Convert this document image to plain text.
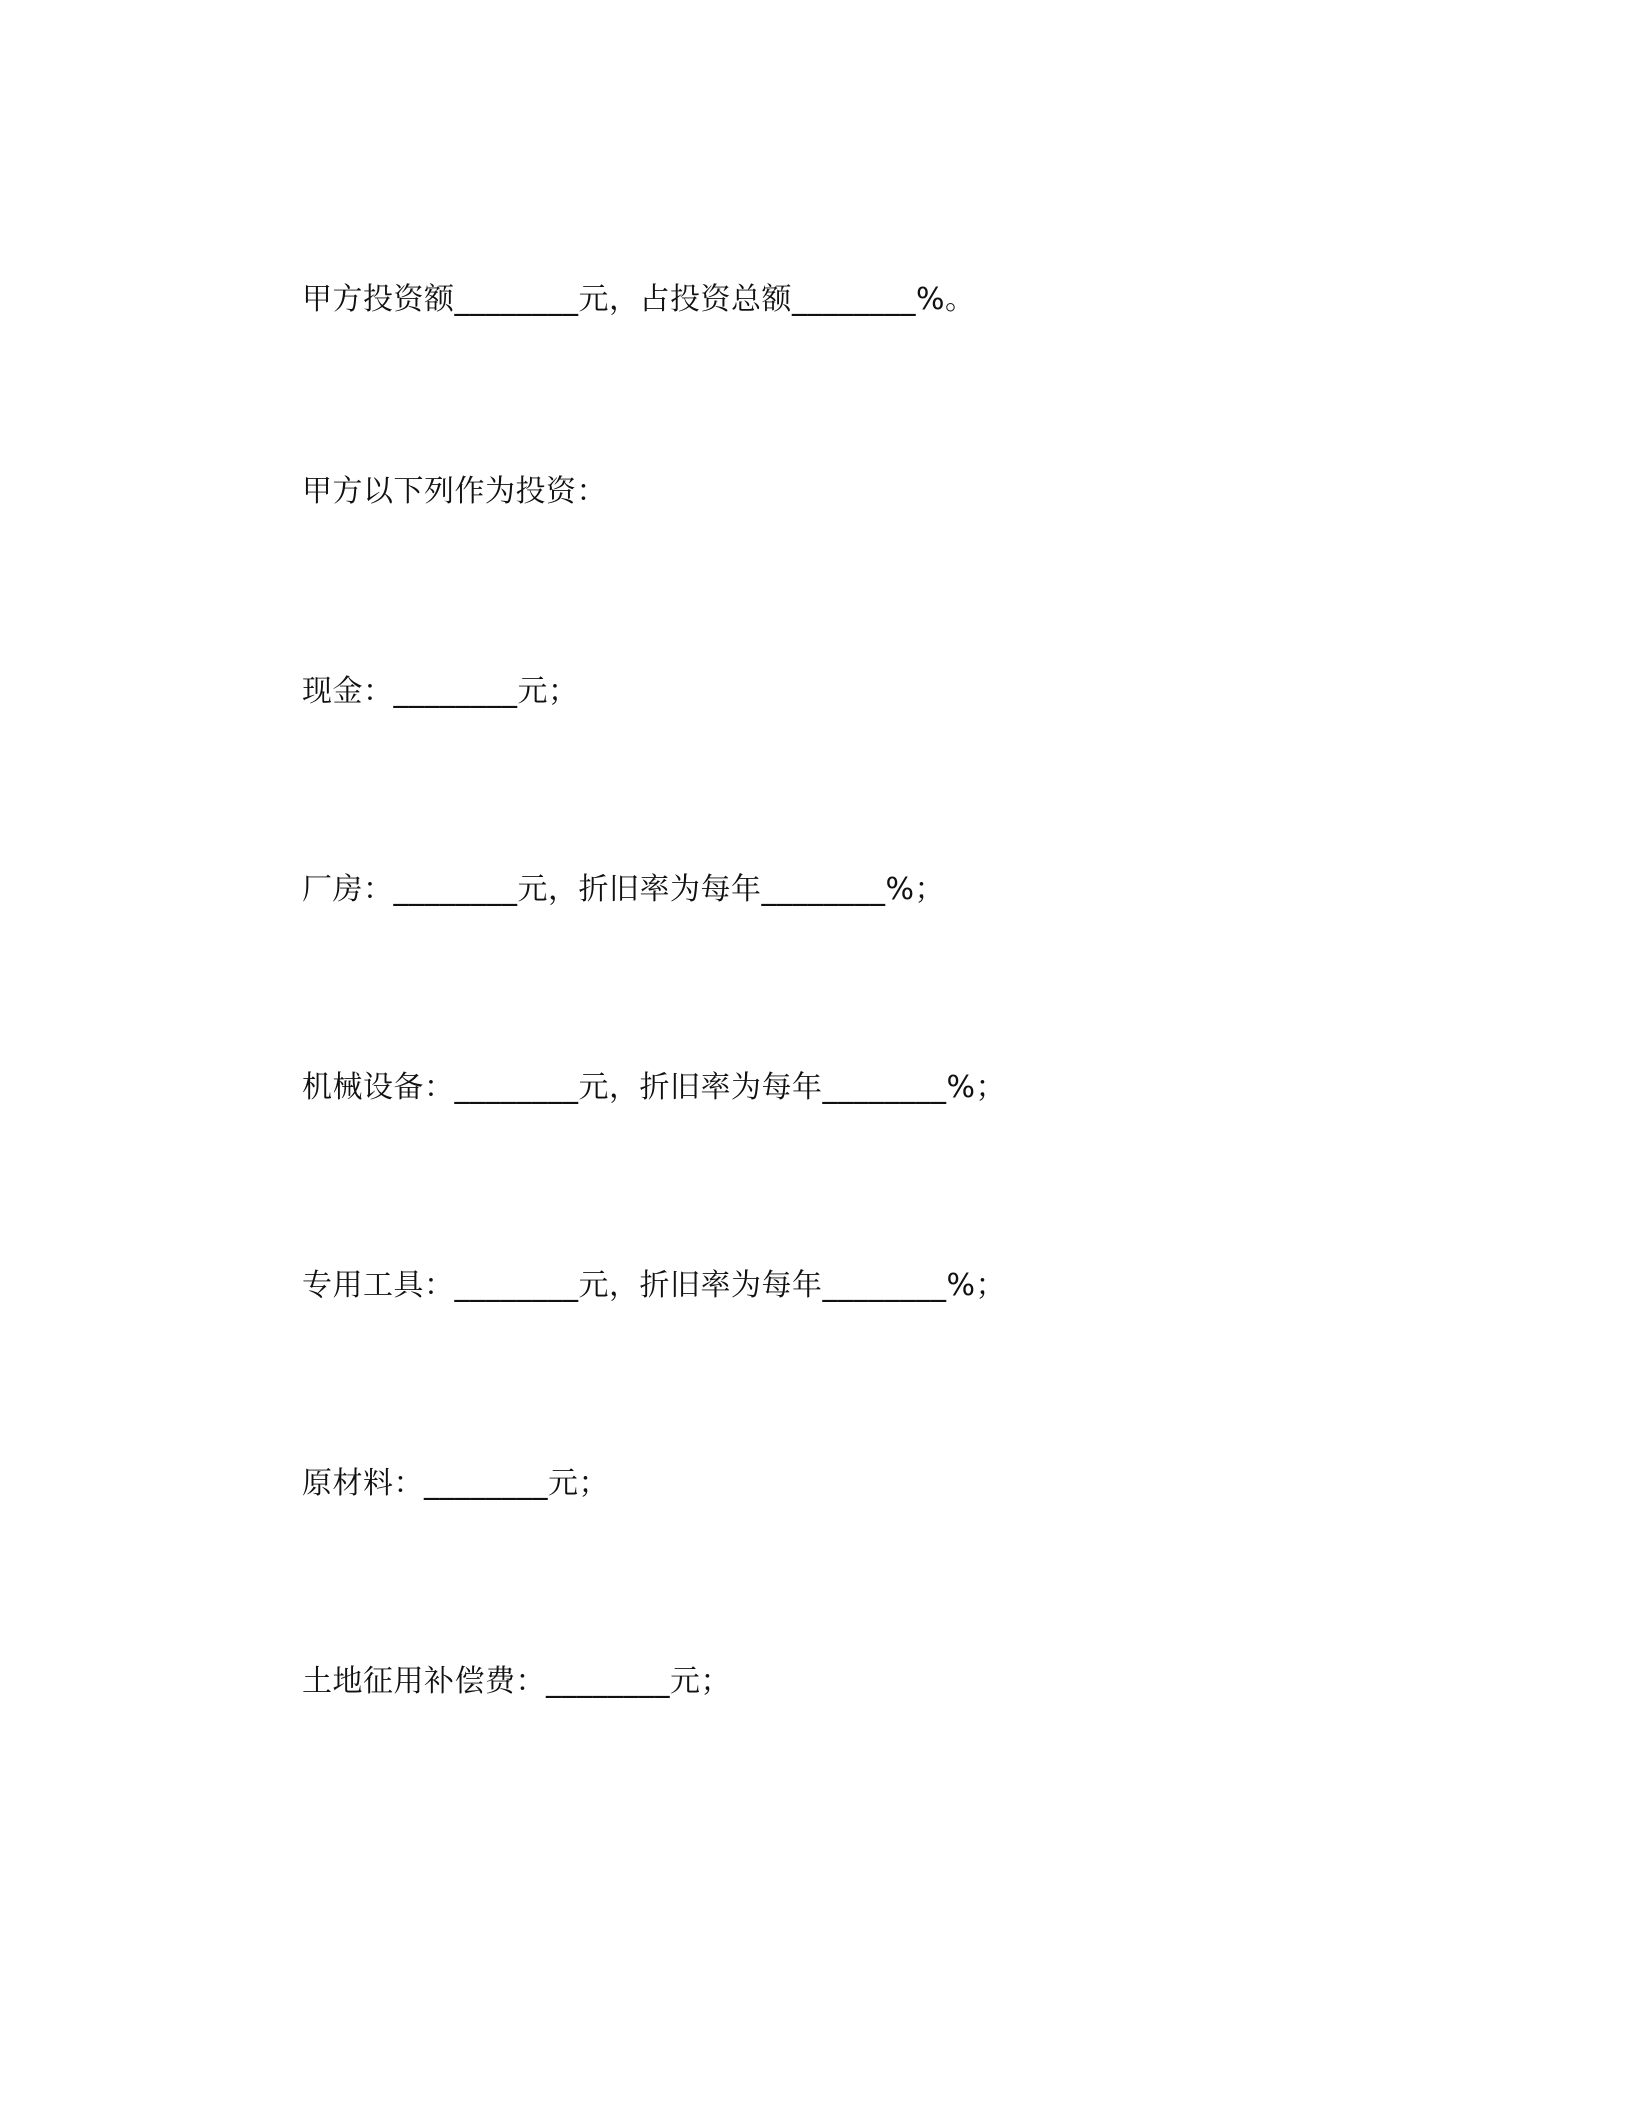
甲方投资额________元，占投资总额________%。
甲方以下列作为投资：
现金：________元；
厂房：________元，折旧率为每年________%；
机械设备：________元，折旧率为每年________%；
专用工具：________元，折旧率为每年________%；
原材料：________元；
土地征用补偿费：________元；
